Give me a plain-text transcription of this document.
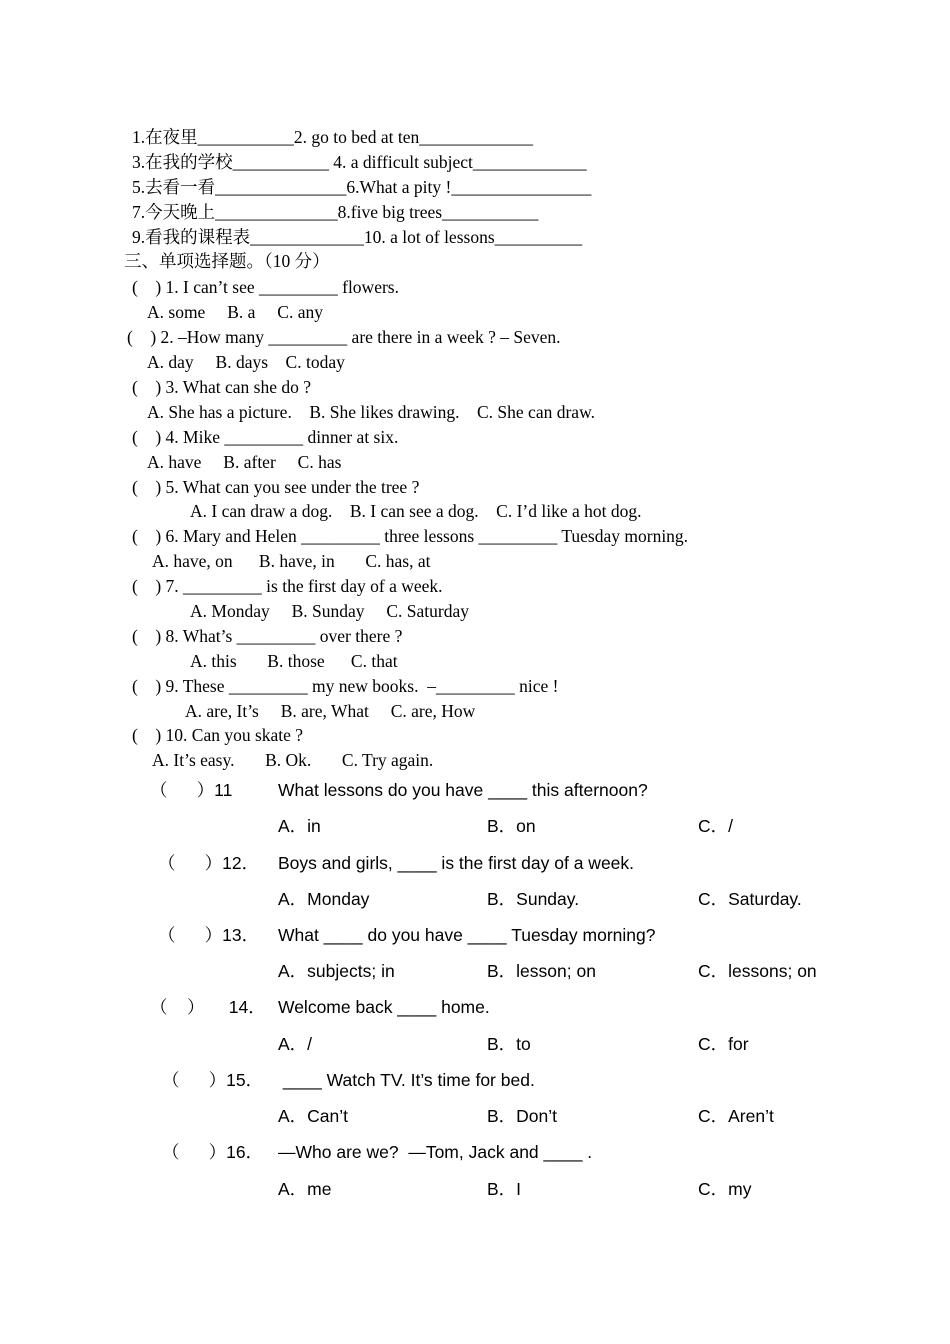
1.在夜里___________2. go to bed at ten_____________
3.在我的学校___________ 4. a difficult subject_____________
5.去看一看_______________6.What a pity !________________
7.今天晚上______________8.five big trees___________
9.看我的课程表_____________10. a lot of lessons__________
三、单项选择题。（10 分）
(    ) 1. I can’t see _________ flowers.
A. some     B. a     C. any
(    ) 2. –How many _________ are there in a week ? – Seven.
A. day     B. days    C. today
(    ) 3. What can she do ?
A. She has a picture.    B. She likes drawing.    C. She can draw.
(    ) 4. Mike _________ dinner at six.
A. have     B. after     C. has
(    ) 5. What can you see under the tree ?
A. I can draw a dog.    B. I can see a dog.    C. I’d like a hot dog.
(    ) 6. Mary and Helen _________ three lessons _________ Tuesday morning.
A. have, on      B. have, in       C. has, at
(    ) 7. _________ is the first day of a week.
A. Monday     B. Sunday     C. Saturday
(    ) 8. What’s _________ over there ?
A. this       B. those      C. that
(    ) 9. These _________ my new books.  –_________ nice !
A. are, It’s     B. are, What     C. are, How
(    ) 10. Can you skate ?
A. It’s easy.       B. Ok.       C. Try again.
（      ）11	What lessons do you have ____ this afternoon?
A．in	B．on	C．/
（      ）12． Boys and girls, ____ is the first day of a week.
A．Monday	B．Sunday.	C．Saturday.
（      ）13． What ____ do you have ____ Tuesday morning?
A．subjects; in	B．lesson; on	C．lessons; on
（    ）     14． Welcome back ____ home.
A．/	B．to	C．for
（      ）15． ____ Watch TV. It’s time for bed.
A．Can’t	B．Don’t	C．Aren’t
（      ）16． —Who are we?  —Tom, Jack and ____ .
A．me	B．I	C．my
